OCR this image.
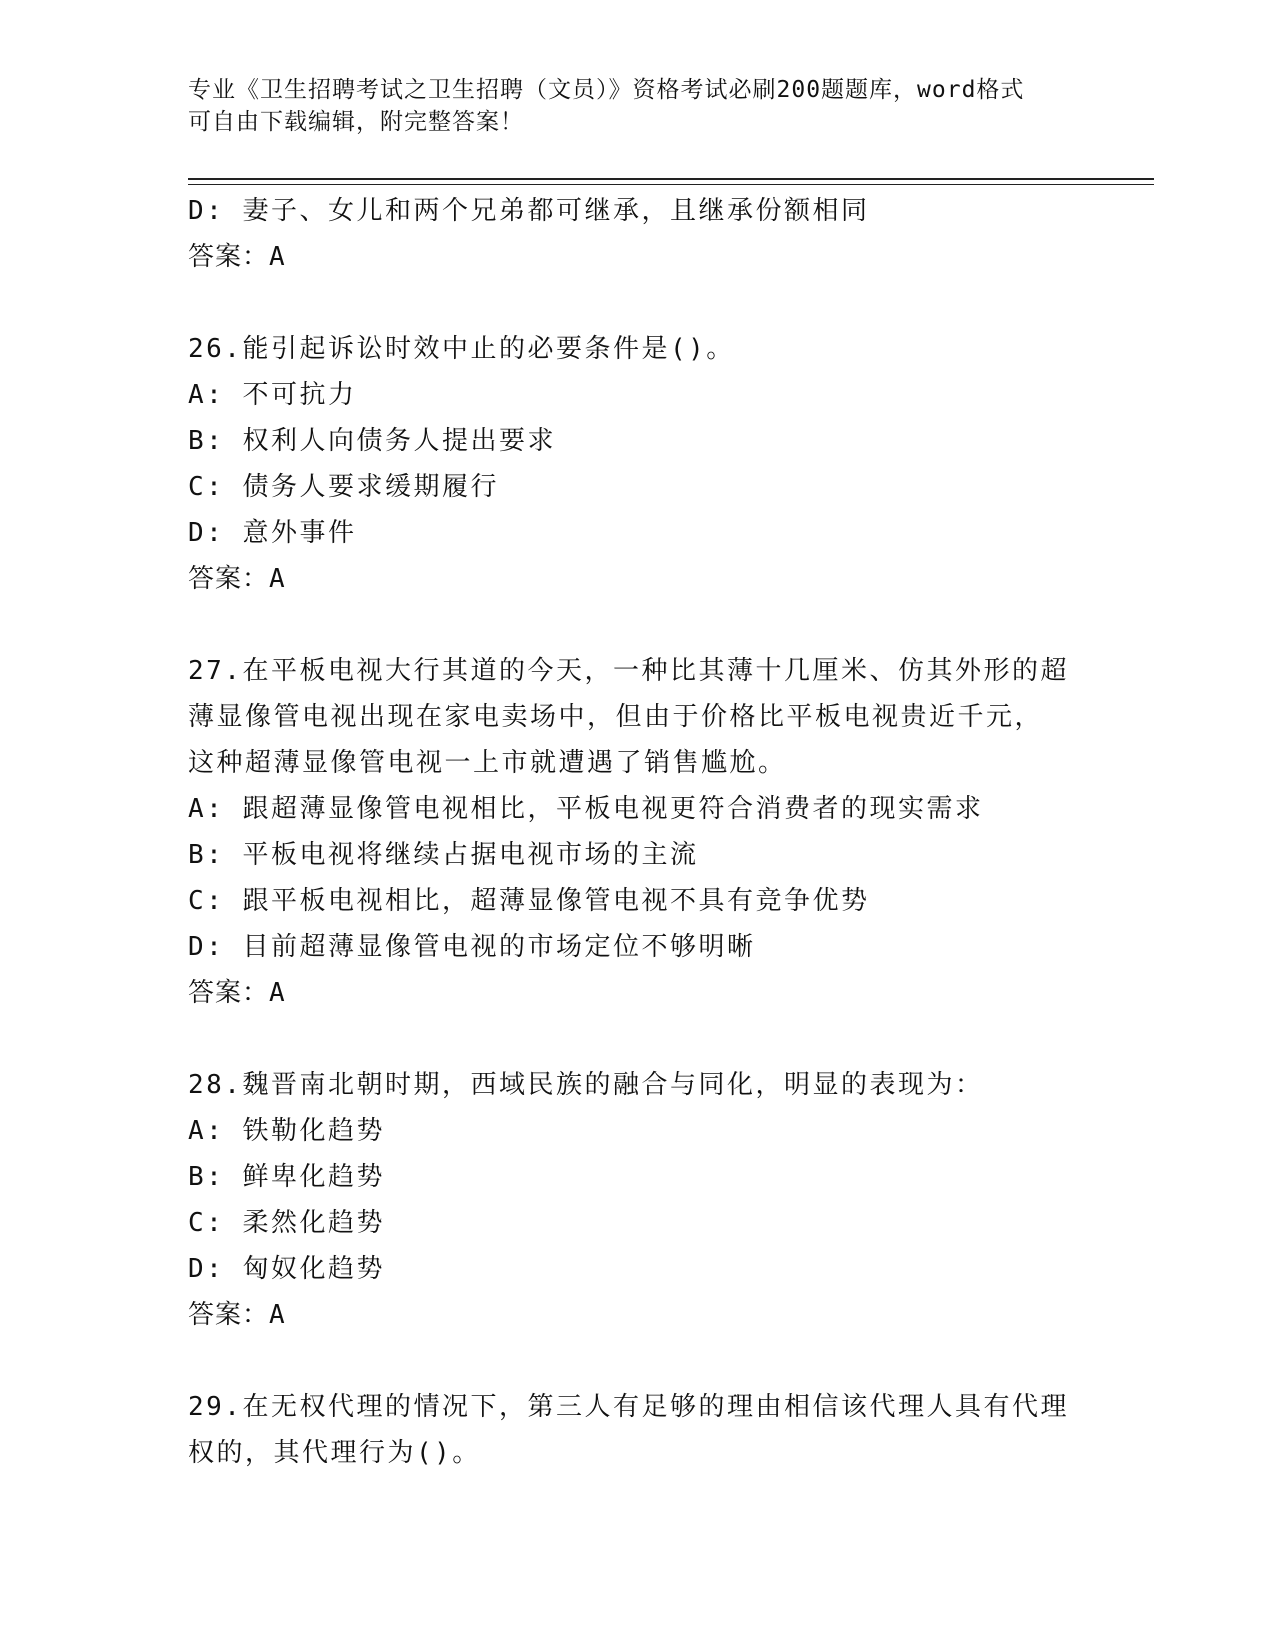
专业《卫生招聘考试之卫生招聘（文员）》资格考试必刷200题题库，word格式
可自由下载编辑，附完整答案！
D: 妻子、女儿和两个兄弟都可继承，且继承份额相同
答案：A
26.能引起诉讼时效中止的必要条件是()。
A: 不可抗力
B: 权利人向债务人提出要求
C: 债务人要求缓期履行
D: 意外事件
答案：A
27.在平板电视大行其道的今天，一种比其薄十几厘米、仿其外形的超
薄显像管电视出现在家电卖场中，但由于价格比平板电视贵近千元，
这种超薄显像管电视一上市就遭遇了销售尴尬。
A: 跟超薄显像管电视相比，平板电视更符合消费者的现实需求
B: 平板电视将继续占据电视市场的主流
C: 跟平板电视相比，超薄显像管电视不具有竞争优势
D: 目前超薄显像管电视的市场定位不够明晰
答案：A
28.魏晋南北朝时期，西域民族的融合与同化，明显的表现为：
A: 铁勒化趋势
B: 鲜卑化趋势
C: 柔然化趋势
D: 匈奴化趋势
答案：A
29.在无权代理的情况下，第三人有足够的理由相信该代理人具有代理
权的，其代理行为()。
